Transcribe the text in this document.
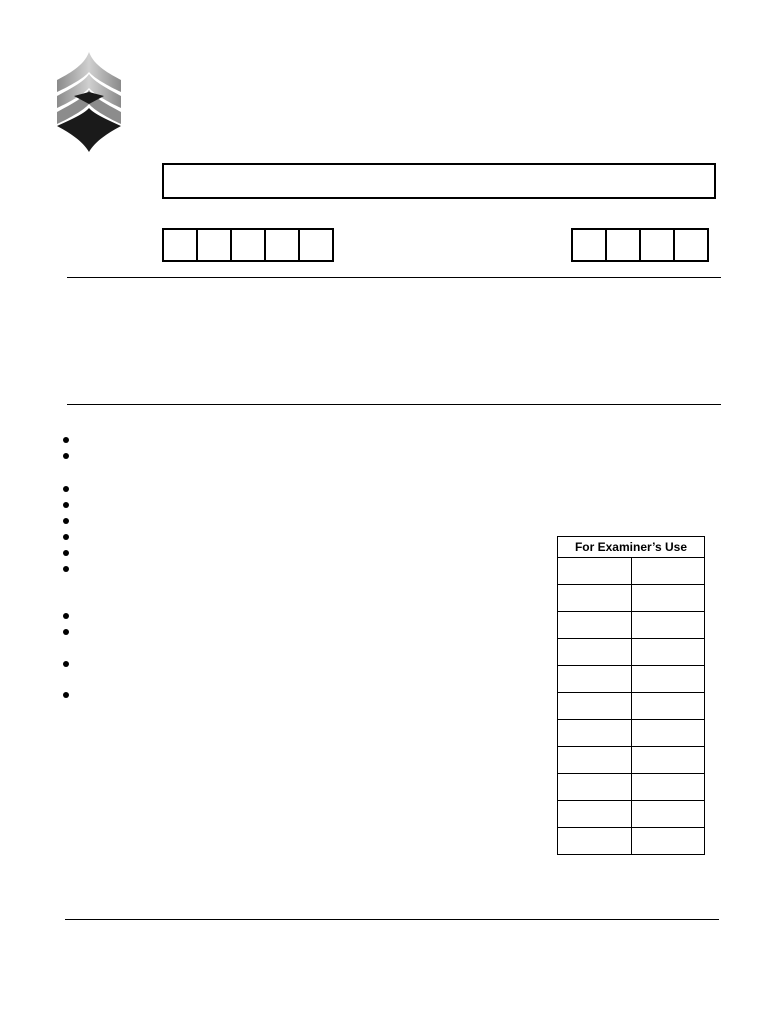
For Examiner’s Use	
